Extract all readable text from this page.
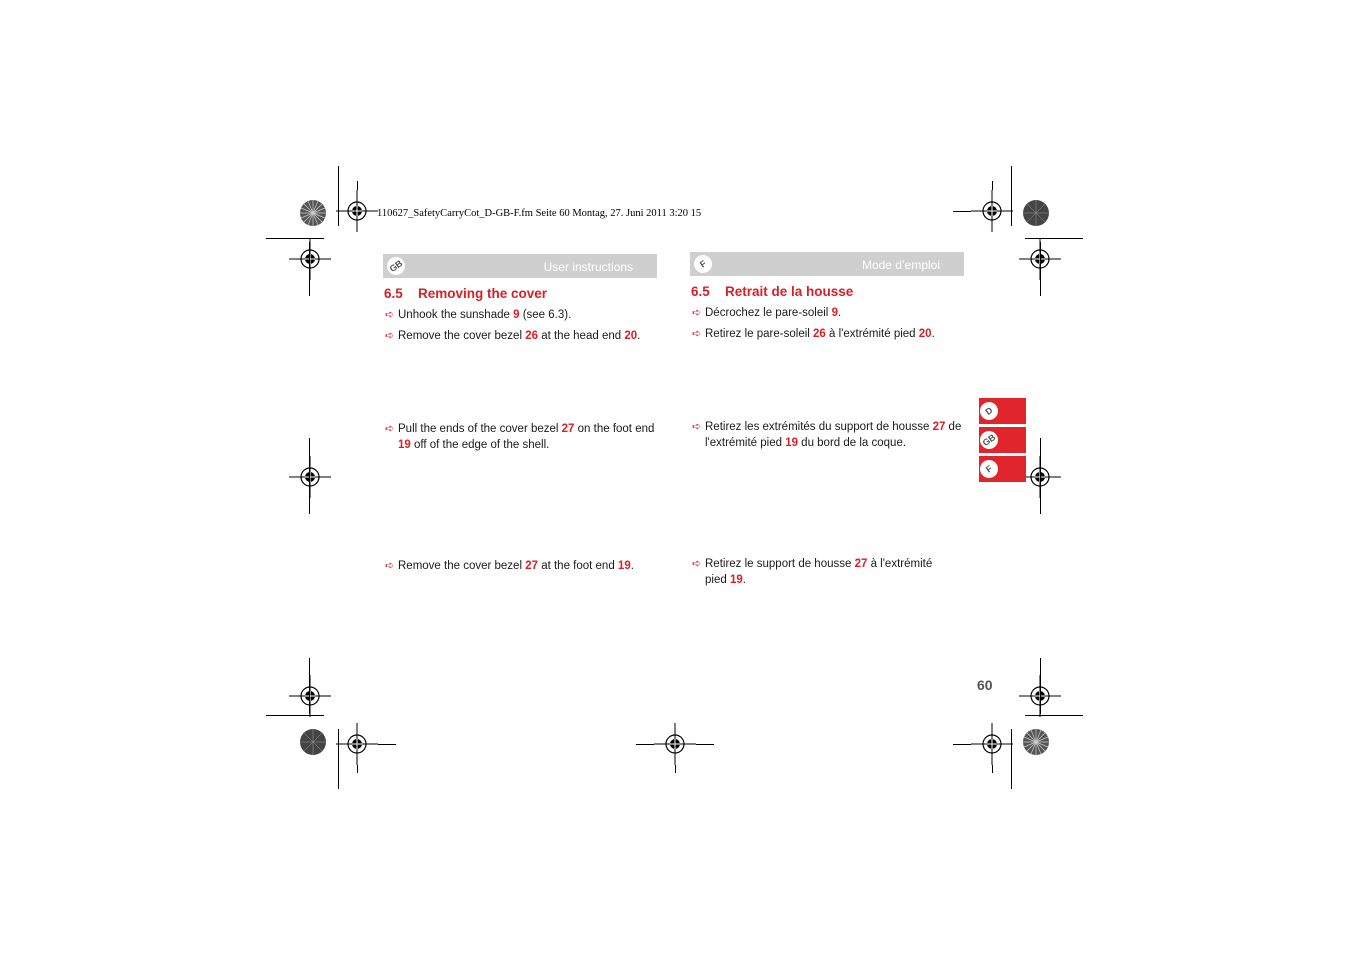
110627_SafetyCarryCot_D-GB-F.fm Seite 60 Montag, 27. Juni 2011 3:20 15
GB	User instructions
6.5 Removing the cover
➪ Unhook the sunshade 9 (see 6.3).
➪ Remove the cover bezel 26 at the head end 20.
➪ Pull the ends of the cover bezel 27 on the foot end 19 off of the edge of the shell.
➪ Remove the cover bezel 27 at the foot end 19.
F	Mode d’emploi
6.5 Retrait de la housse
➪ Décrochez le pare-soleil 9.
➪ Retirez le pare-soleil 26 à l'extrémité pied 20.
➪ Retirez les extrémités du support de housse 27 de l'extrémité pied 19 du bord de la coque.
➪ Retirez le support de housse 27 à l'extrémité pied 19.
D
GB
F
60
